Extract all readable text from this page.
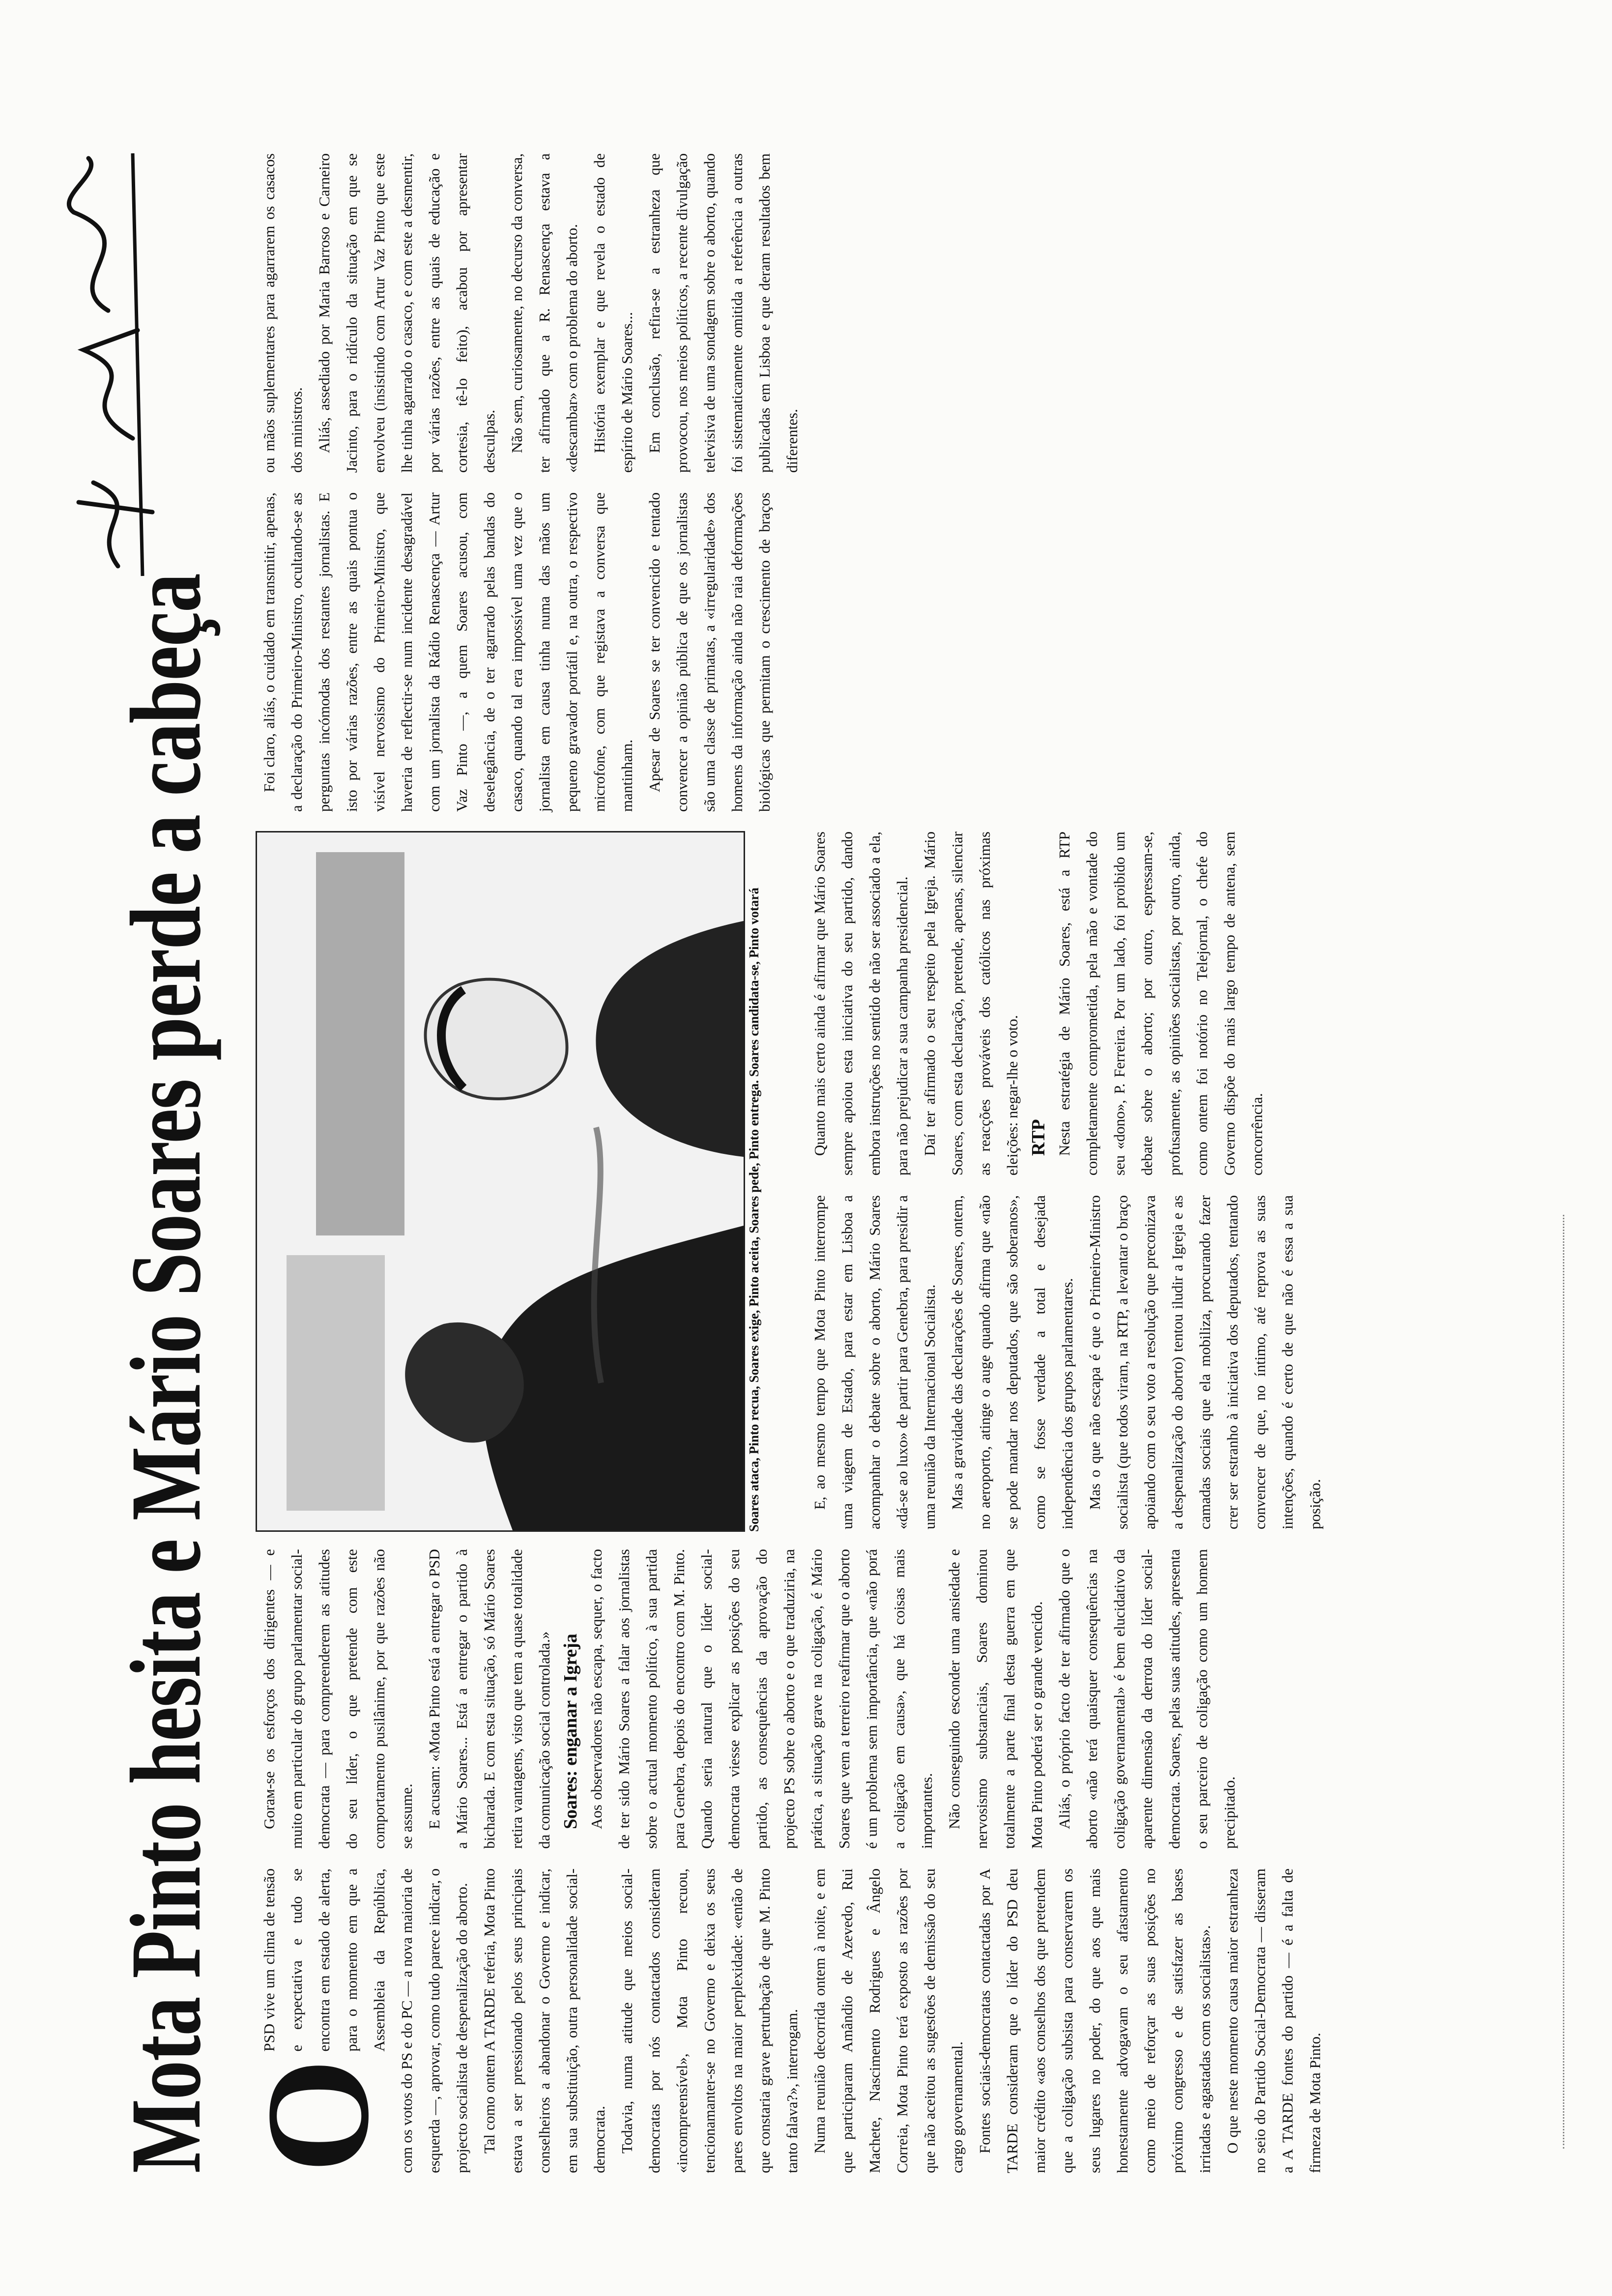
Mota Pinto hesita e Mário Soares perde a cabeça O
PSD vive um clima de tensão e expectativa e tudo se encontra em estado de alerta, para o momento em que a Assembleia da República, com os votos do PS e do PC — a nova maioria de esquerda —, aprovar, como tudo parece indicar, o projecto socialista de despenalização do aborto. Tal como ontem A TARDE referia, Mota Pinto estava a ser pressionado pelos seus principais conselheiros a abandonar o Governo e indicar, em sua substituição, outra personalidade social-democrata. Todavia, numa atitude que meios social-democratas por nós contactados consideram «incompreensível», Mota Pinto recuou, tencionamanter-se no Governo e deixa os seus pares envoltos na maior perplexidade: «então de que constaria grave perturbação de que M. Pinto tanto falava?», interrogam. Numa reunião decorrida ontem à noite, e em que participaram Amândio de Azevedo, Rui Machete, Nascimento Rodrigues e Ângelo Correia, Mota Pinto terá exposto as razões por que não aceitou as sugestões de demissão do seu cargo governamental. Fontes sociais-democratas contactadas por A TARDE consideram que o líder do PSD deu maior crédito «aos conselhos dos que pretendem que a coligação subsista para conservarem os seus lugares no poder, do que aos que mais honestamente advogavam o seu afastamento como meio de reforçar as suas posições no próximo congresso e de satisfazer as bases irritadas e agastadas com os socialistas». O que neste momento causa maior estranheza no seio do Partido Social-Democrata — disseram a A TARDE fontes do partido — é a falta de firmeza de Mota Pinto.

Gorам-se os esforços dos dirigentes — e muito em particular do grupo parlamentar social-democrata — para compreenderem as atitudes do seu líder, o que pretende com este comportamento pusilânime, por que razões não se assume. E acusam: «Mota Pinto está a entregar o PSD a Mário Soares... Está a entregar o partido à bicharada. E com esta situação, só Mário Soares retira vantagens, visto que tem a quase totalidade da comunicação social controlada.» Soares: enganar a Igreja Aos observadores não escapa, sequer, o facto de ter sido Mário Soares a falar aos jornalistas sobre o actual momento político, à sua partida para Genebra, depois do encontro com M. Pinto. Quando seria natural que o líder social-democrata viesse explicar as posições do seu partido, as consequências da aprovação do projecto PS sobre o aborto e o que traduziria, na prática, a situação grave na coligação, é Mário Soares que vem a terreiro reafirmar que o aborto é um problema sem importância, que «não porá a coligação em causa», que há coisas mais importantes. Não conseguindo esconder uma ansiedade e nervosismo substanciais, Soares dominou totalmente a parte final desta guerra em que Mota Pinto poderá ser o grande vencido. Aliás, o próprio facto de ter afirmado que o aborto «não terá quaisquer consequências na coligação governamental» é bem elucidativo da aparente dimensão da derrota do líder social-democrata. Soares, pelas suas atitudes, apresenta o seu parceiro de coligação como um homem precipitado.

Soares ataca, Pinto recua, Soares exige, Pinto aceita, Soares pede, Pinto entrega. Soares candidata-se, Pinto votará	E, ao mesmo tempo que Mota Pinto interrompe uma viagem de Estado, para estar em Lisboa a acompanhar o debate sobre o aborto, Mário Soares «dá-se ao luxo» de partir para Genebra, para presidir a uma reunião da Internacional Socialista. Mas a gravidade das declarações de Soares, ontem, no aeroporto, atinge o auge quando afirma que «não se pode mandar nos deputados, que são soberanos», como se fosse verdade a total e desejada independência dos grupos parlamentares. Mas o que não escapa é que o Primeiro-Ministro socialista (que todos viram, na RTP, a levantar o braço apoiando com o seu voto a resolução que preconizava a despenalização do aborto) tentou iludir a Igreja e as camadas sociais que ela mobiliza, procurando fazer crer ser estranho à iniciativa dos deputados, tentando convencer de que, no íntimo, até reprova as suas intenções, quando é certo de que não é essa a sua posição.

Quanto mais certo ainda é afirmar que Mário Soares sempre apoiou esta iniciativa do seu partido, dando embora instruções no sentido de não ser associado a ela, para não prejudicar a sua campanha presidencial. Daí ter afirmado o seu respeito pela Igreja. Mário Soares, com esta declaração, pretende, apenas, silenciar as reacções prováveis dos católicos nas próximas eleições: negar-lhe o voto. RTP Nesta estratégia de Mário Soares, está a RTP completamente comprometida, pela mão e vontade do seu «dono», P. Ferreira. Por um lado, foi proibido um debate sobre o aborto; por outro, espressam-se, profusamente, as opiniões socialistas, por outro, ainda, como ontem foi notório no Telejornal, o chefe do Governo dispõe do mais largo tempo de antena, sem concorrência.

Foi claro, aliás, o cuidado em transmitir, apenas, a declaração do Primeiro-Ministro, ocultando-se as perguntas incómodas dos restantes jornalistas. E isto por várias razões, entre as quais pontua o visível nervosismo do Primeiro-Ministro, que haveria de reflectir-se num incidente desagradável com um jornalista da Rádio Renascença — Artur Vaz Pinto —, a quem Soares acusou, com deselegância, de o ter agarrado pelas bandas do casaco, quando tal era impossível uma vez que o jornalista em causa tinha numa das mãos um pequeno gravador portátil e, na outra, o respectivo microfone, com que registava a conversa que mantinham. Apesar de Soares se ter convencido e tentado convencer a opinião pública de que os jornalistas são uma classe de primatas, a «irregularidade» dos homens da informação ainda não raia deformações biológicas que permitam o crescimento de braços ou mãos suplementares para agarrarem os casacos dos ministros. Aliás, assediado por Maria Barroso e Carneiro Jacinto, para o ridículo da situação em que se envolveu (insistindo com Artur Vaz Pinto que este lhe tinha agarrado o casaco, e com este a desmentir, por várias razões, entre as quais de educação e cortesia, tê-lo feito), acabou por apresentar desculpas. Não sem, curiosamente, no decurso da conversa, ter afirmado que a R. Renascença estava a «descambar» com o problema do aborto. História exemplar e que revela o estado de espírito de Mário Soares... Em conclusão, refira-se a estranheza que provocou, nos meios políticos, a recente divulgação televisiva de uma sondagem sobre o aborto, quando foi sistematicamente omitida a referência a outras publicadas em Lisboa e que deram resultados bem diferentes.
